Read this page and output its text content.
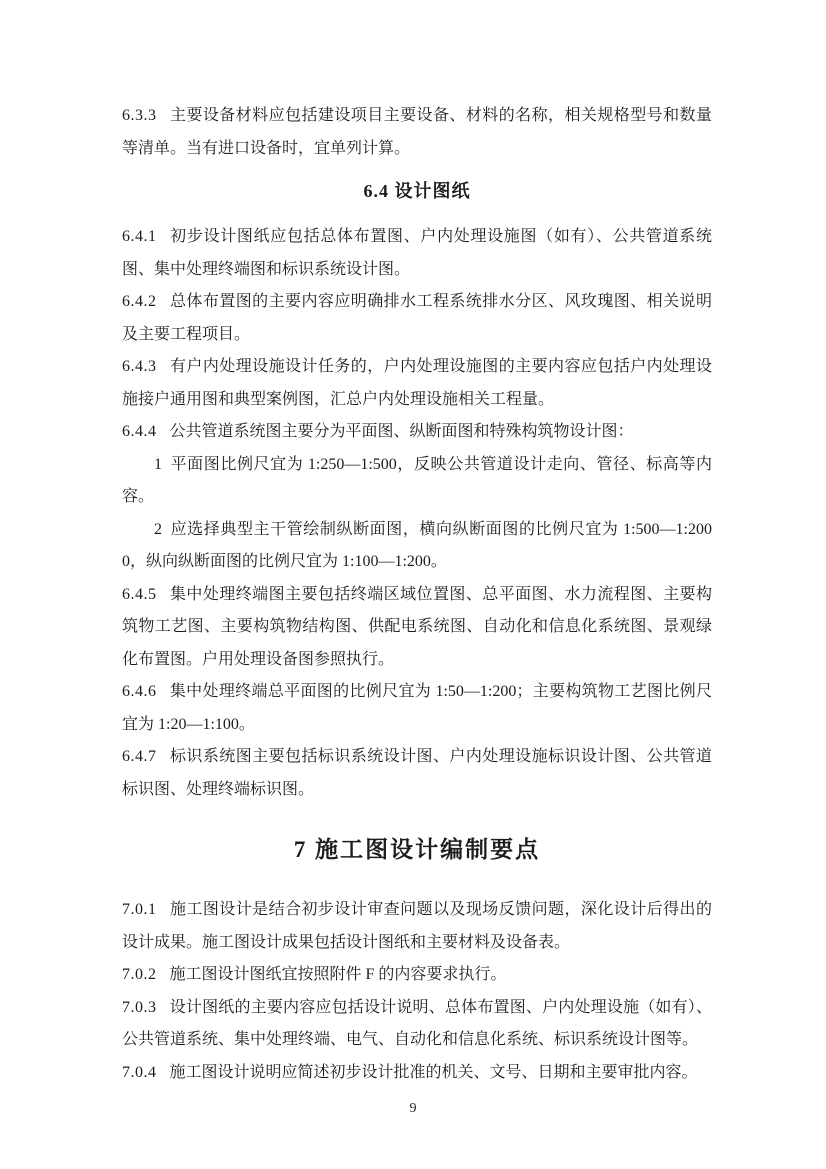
6.3.3 主要设备材料应包括建设项目主要设备、材料的名称，相关规格型号和数量等清单。当有进口设备时，宜单列计算。

6.4 设计图纸

6.4.1 初步设计图纸应包括总体布置图、户内处理设施图（如有）、公共管道系统图、集中处理终端图和标识系统设计图。

6.4.2 总体布置图的主要内容应明确排水工程系统排水分区、风玫瑰图、相关说明及主要工程项目。

6.4.3 有户内处理设施设计任务的，户内处理设施图的主要内容应包括户内处理设施接户通用图和典型案例图，汇总户内处理设施相关工程量。

6.4.4 公共管道系统图主要分为平面图、纵断面图和特殊构筑物设计图：

1 平面图比例尺宜为 1:250—1:500，反映公共管道设计走向、管径、标高等内容。

2 应选择典型主干管绘制纵断面图，横向纵断面图的比例尺宜为 1:500—1:2000，纵向纵断面图的比例尺宜为 1:100—1:200。

6.4.5 集中处理终端图主要包括终端区域位置图、总平面图、水力流程图、主要构筑物工艺图、主要构筑物结构图、供配电系统图、自动化和信息化系统图、景观绿化布置图。户用处理设备图参照执行。

6.4.6 集中处理终端总平面图的比例尺宜为 1:50—1:200；主要构筑物工艺图比例尺宜为 1:20—1:100。

6.4.7 标识系统图主要包括标识系统设计图、户内处理设施标识设计图、公共管道标识图、处理终端标识图。

7 施工图设计编制要点

7.0.1 施工图设计是结合初步设计审查问题以及现场反馈问题，深化设计后得出的设计成果。施工图设计成果包括设计图纸和主要材料及设备表。

7.0.2 施工图设计图纸宜按照附件 F 的内容要求执行。

7.0.3 设计图纸的主要内容应包括设计说明、总体布置图、户内处理设施（如有）、公共管道系统、集中处理终端、电气、自动化和信息化系统、标识系统设计图等。

7.0.4 施工图设计说明应简述初步设计批准的机关、文号、日期和主要审批内容。

9
